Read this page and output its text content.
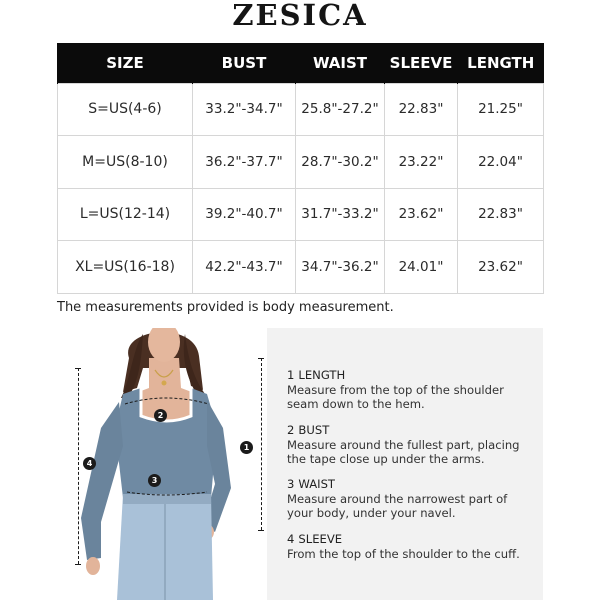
ZESICA
SIZE	BUST	WAIST	SLEEVE	LENGTH
S=US(4-6)	33.2"-34.7"	25.8"-27.2"	22.83"	21.25"
M=US(8-10)	36.2"-37.7"	28.7"-30.2"	23.22"	22.04"
L=US(12-14)	39.2"-40.7"	31.7"-33.2"	23.62"	22.83"
XL=US(16-18)	42.2"-43.7"	34.7"-36.2"	24.01"	23.62"
The measurements provided is body measurement.
1
2
3
4
1 LENGTH
Measure from the top of the shoulder seam down to the hem.
2 BUST
Measure around the fullest part, placing the tape close up under the arms.
3 WAIST
Measure around the narrowest part of your body, under your navel.
4 SLEEVE
From the top of the shoulder to the cuff.
